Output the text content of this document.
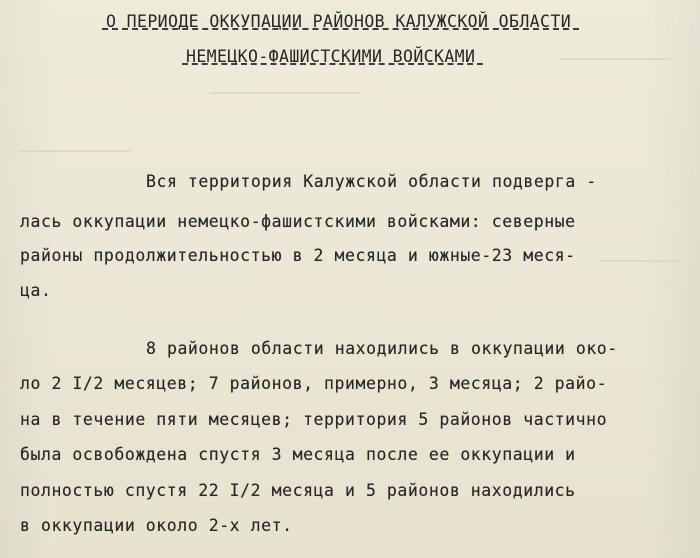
О ПЕРИОДЕ ОККУПАЦИИ РАЙОНОВ КАЛУЖСКОЙ ОБЛАСТИ
НЕМЕЦКО-ФАШИСТСКИМИ ВОЙСКАМИ
Вся территория Калужской области подверга -
лась оккупации немецко-фашистскими войсками: северные
районы продолжительностью в 2 месяца и южные-23 меся-
ца.
8 районов области находились в оккупации око-
ло 2 I/2 месяцев; 7 районов, примерно, 3 месяца; 2 райо-
на в течение пяти месяцев; территория 5 районов частично
была освобождена спустя 3 месяца после ее оккупации и
полностью спустя 22 I/2 месяца и 5 районов находились
в оккупации около 2-х лет.
